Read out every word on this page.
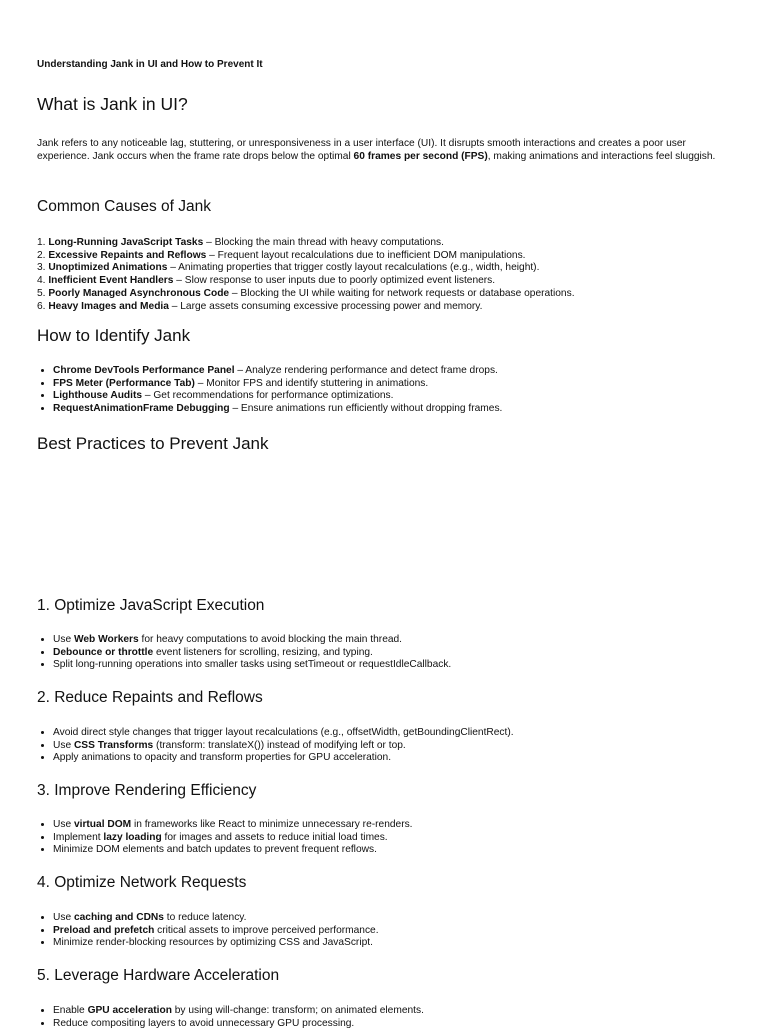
Understanding Jank in UI and How to Prevent It
What is Jank in UI?

Jank refers to any noticeable lag, stuttering, or unresponsiveness in a user interface (UI). It disrupts smooth interactions and creates a poor user experience. Jank occurs when the frame rate drops below the optimal 60 frames per second (FPS), making animations and interactions feel sluggish.

Common Causes of Jank
1. Long-Running JavaScript Tasks – Blocking the main thread with heavy computations.
2. Excessive Repaints and Reflows – Frequent layout recalculations due to inefficient DOM manipulations.
3. Unoptimized Animations – Animating properties that trigger costly layout recalculations (e.g., width, height).
4. Inefficient Event Handlers – Slow response to user inputs due to poorly optimized event listeners.
5. Poorly Managed Asynchronous Code – Blocking the UI while waiting for network requests or database operations.
6. Heavy Images and Media – Large assets consuming excessive processing power and memory.
How to Identify Jank
• Chrome DevTools Performance Panel – Analyze rendering performance and detect frame drops.
• FPS Meter (Performance Tab) – Monitor FPS and identify stuttering in animations.
• Lighthouse Audits – Get recommendations for performance optimizations.
• RequestAnimationFrame Debugging – Ensure animations run efficiently without dropping frames.
Best Practices to Prevent Jank
1. Optimize JavaScript Execution
• Use Web Workers for heavy computations to avoid blocking the main thread.
• Debounce or throttle event listeners for scrolling, resizing, and typing.
• Split long-running operations into smaller tasks using setTimeout or requestIdleCallback.
2. Reduce Repaints and Reflows
• Avoid direct style changes that trigger layout recalculations (e.g., offsetWidth, getBoundingClientRect).
• Use CSS Transforms (transform: translateX()) instead of modifying left or top.
• Apply animations to opacity and transform properties for GPU acceleration.
3. Improve Rendering Efficiency
• Use virtual DOM in frameworks like React to minimize unnecessary re-renders.
• Implement lazy loading for images and assets to reduce initial load times.
• Minimize DOM elements and batch updates to prevent frequent reflows.
4. Optimize Network Requests
• Use caching and CDNs to reduce latency.
• Preload and prefetch critical assets to improve perceived performance.
• Minimize render-blocking resources by optimizing CSS and JavaScript.
5. Leverage Hardware Acceleration
• Enable GPU acceleration by using will-change: transform; on animated elements.
• Reduce compositing layers to avoid unnecessary GPU processing.
